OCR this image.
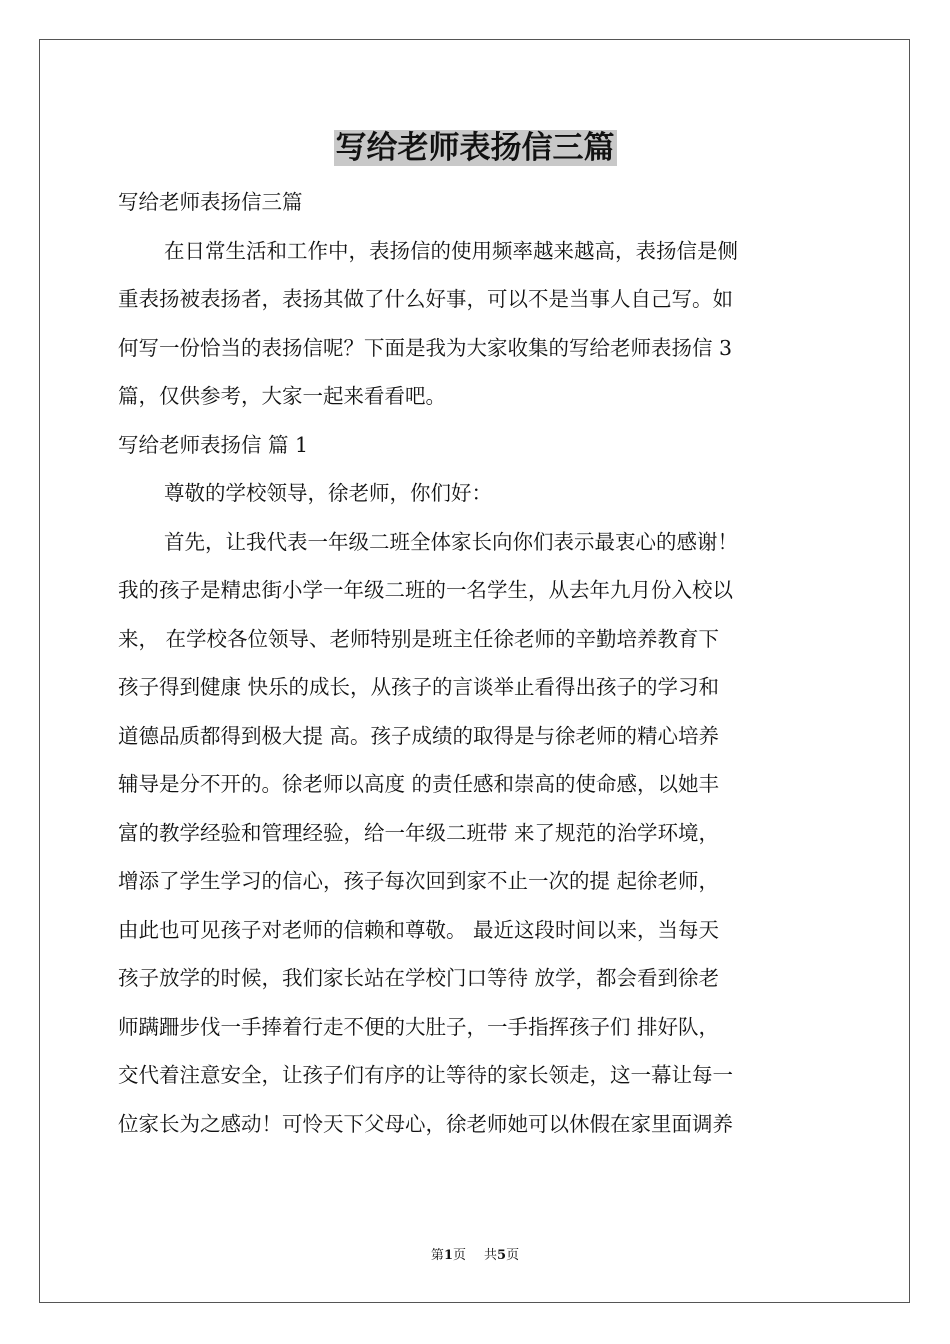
写给老师表扬信三篇
写给老师表扬信三篇
在日常生活和工作中，表扬信的使用频率越来越高，表扬信是侧
重表扬被表扬者，表扬其做了什么好事，可以不是当事人自己写。如
何写一份恰当的表扬信呢？下面是我为大家收集的写给老师表扬信 3
篇，仅供参考，大家一起来看看吧。
写给老师表扬信 篇 1
尊敬的学校领导，徐老师，你们好：
首先，让我代表一年级二班全体家长向你们表示最衷心的感谢！
我的孩子是精忠街小学一年级二班的一名学生，从去年九月份入校以
来， 在学校各位领导、老师特别是班主任徐老师的辛勤培养教育下
孩子得到健康 快乐的成长，从孩子的言谈举止看得出孩子的学习和
道德品质都得到极大提 高。孩子成绩的取得是与徐老师的精心培养
辅导是分不开的。徐老师以高度 的责任感和崇高的使命感，以她丰
富的教学经验和管理经验，给一年级二班带 来了规范的治学环境，
增添了学生学习的信心，孩子每次回到家不止一次的提 起徐老师，
由此也可见孩子对老师的信赖和尊敬。 最近这段时间以来，当每天
孩子放学的时候，我们家长站在学校门口等待 放学，都会看到徐老
师蹒跚步伐一手捧着行走不便的大肚子，一手指挥孩子们 排好队，
交代着注意安全，让孩子们有序的让等待的家长领走，这一幕让每一
位家长为之感动！可怜天下父母心，徐老师她可以休假在家里面调养
第1页 共5页
